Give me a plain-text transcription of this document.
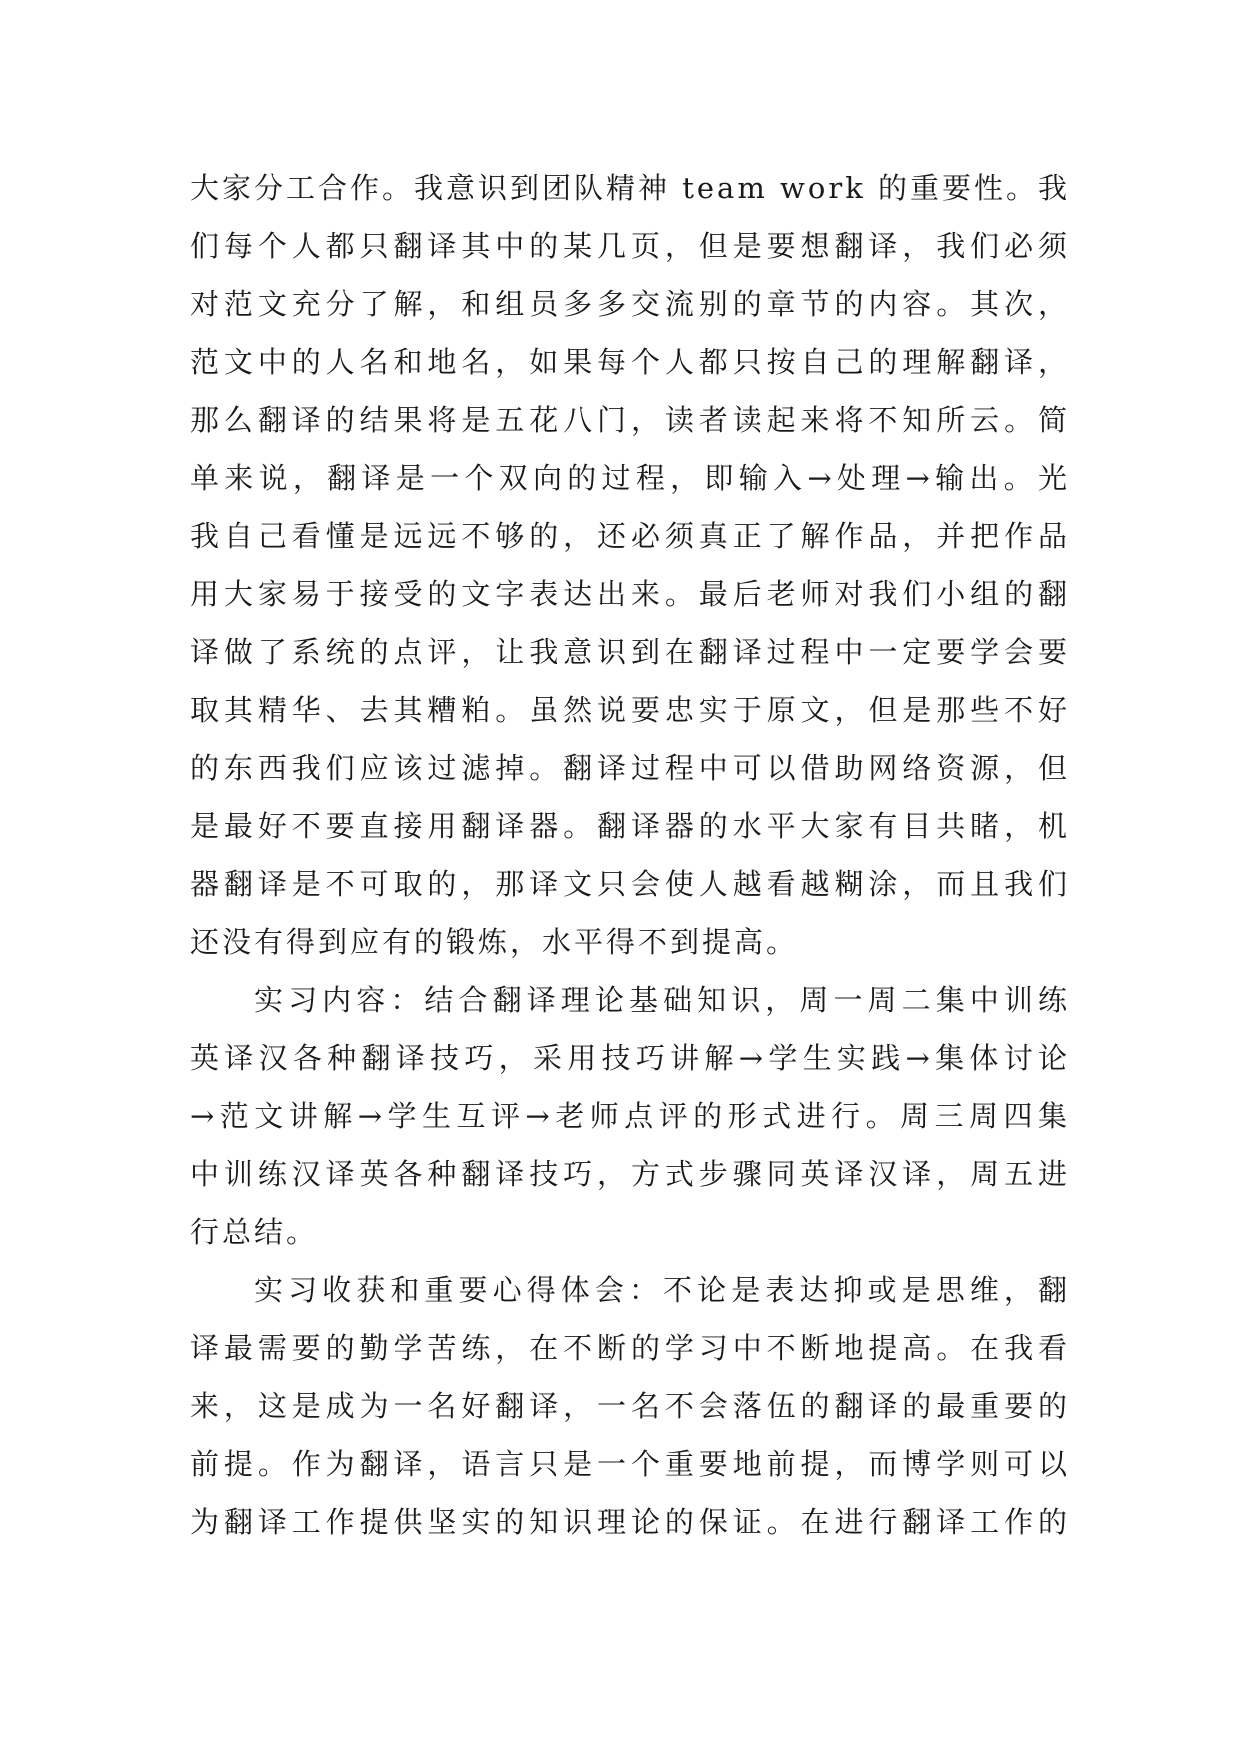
大家分工合作。我意识到团队精神 team work 的重要性。我
们每个人都只翻译其中的某几页，但是要想翻译，我们必须
对范文充分了解，和组员多多交流别的章节的内容。其次，
范文中的人名和地名，如果每个人都只按自己的理解翻译，
那么翻译的结果将是五花八门，读者读起来将不知所云。简
单来说，翻译是一个双向的过程，即输入→处理→输出。光
我自己看懂是远远不够的，还必须真正了解作品，并把作品
用大家易于接受的文字表达出来。最后老师对我们小组的翻
译做了系统的点评，让我意识到在翻译过程中一定要学会要
取其精华、去其糟粕。虽然说要忠实于原文，但是那些不好
的东西我们应该过滤掉。翻译过程中可以借助网络资源，但
是最好不要直接用翻译器。翻译器的水平大家有目共睹，机
器翻译是不可取的，那译文只会使人越看越糊涂，而且我们
还没有得到应有的锻炼，水平得不到提高。
实习内容：结合翻译理论基础知识，周一周二集中训练
英译汉各种翻译技巧，采用技巧讲解→学生实践→集体讨论
→范文讲解→学生互评→老师点评的形式进行。周三周四集
中训练汉译英各种翻译技巧，方式步骤同英译汉译，周五进
行总结。
实习收获和重要心得体会：不论是表达抑或是思维，翻
译最需要的勤学苦练，在不断的学习中不断地提高。在我看
来，这是成为一名好翻译，一名不会落伍的翻译的最重要的
前提。作为翻译，语言只是一个重要地前提，而博学则可以
为翻译工作提供坚实的知识理论的保证。在进行翻译工作的
